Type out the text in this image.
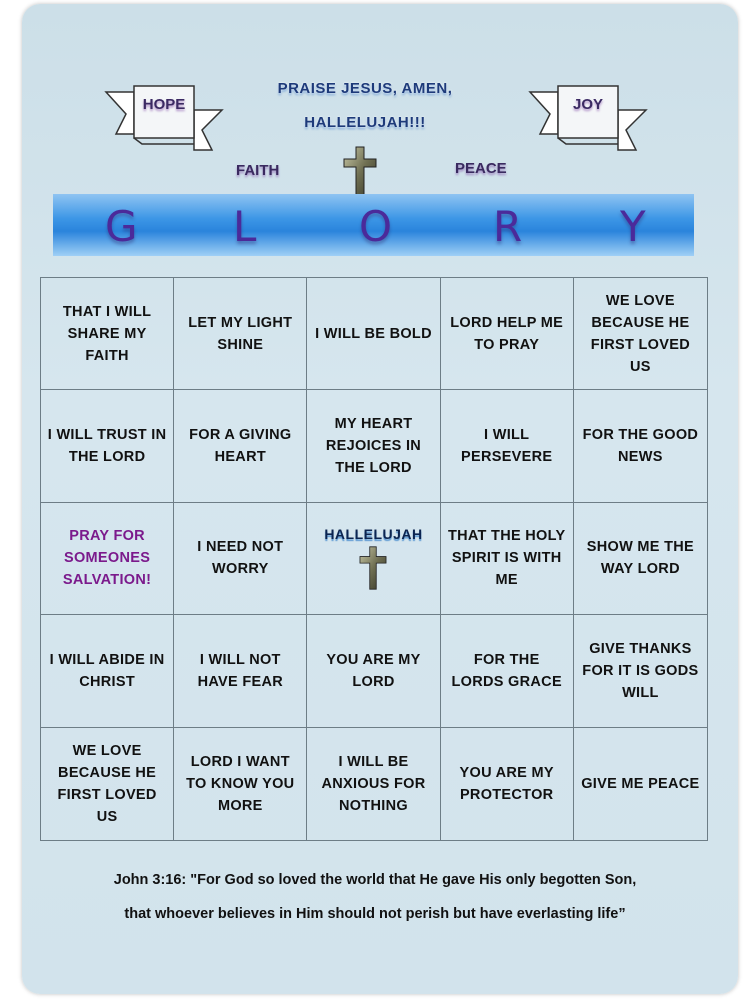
HOPE	JOY
PRAISE JESUS, AMEN,
HALLELUJAH!!!
FAITH	PEACE
G L O R Y
THAT I WILL SHARE MY FAITH
LET MY LIGHT SHINE
I WILL BE BOLD
LORD HELP ME TO PRAY
WE LOVE BECAUSE HE FIRST LOVED US
I WILL TRUST IN THE LORD
FOR A GIVING HEART
MY HEART REJOICES IN THE LORD
I WILL PERSEVERE
FOR THE GOOD NEWS
PRAY FOR SOMEONES SALVATION!
I NEED NOT WORRY
HALLELUJAH THAT THE HOLY SPIRIT IS WITH ME
SHOW ME THE WAY LORD
I WILL ABIDE IN CHRIST
I WILL NOT HAVE FEAR
YOU ARE MY LORD
FOR THE LORDS GRACE
GIVE THANKS FOR IT IS GODS WILL
WE LOVE BECAUSE HE FIRST LOVED US
LORD I WANT TO KNOW YOU MORE
I WILL BE ANXIOUS FOR NOTHING
YOU ARE MY PROTECTOR
GIVE ME PEACE
John 3:16: "For God so loved the world that He gave His only begotten Son,
that whoever believes in Him should not perish but have everlasting life”
